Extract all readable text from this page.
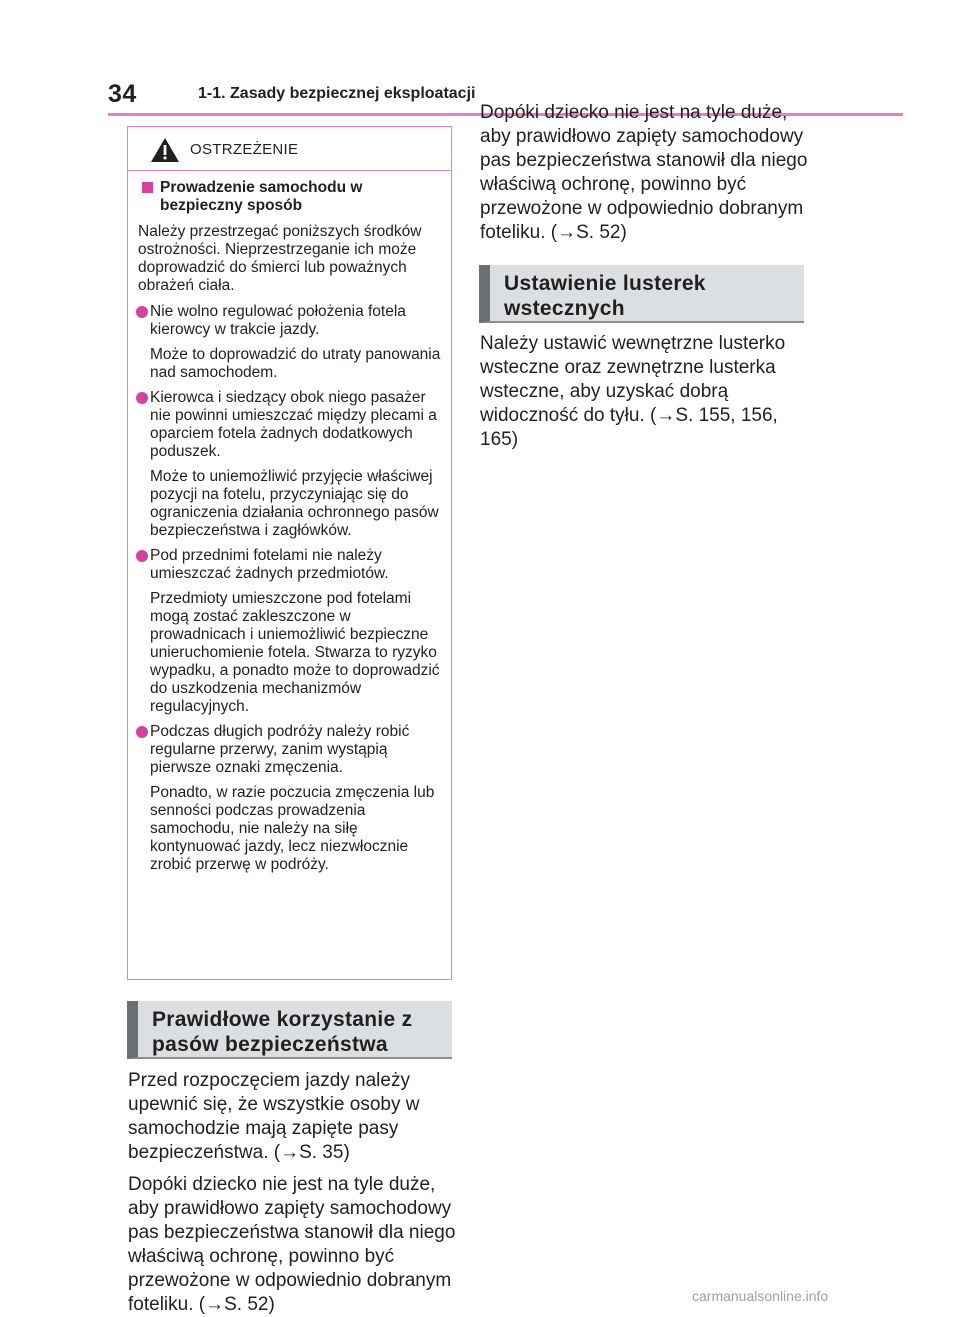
34	1-1. Zasady bezpiecznej eksploatacji
OSTRZEŻENIE
Prowadzenie samochodu w bezpieczny sposób
Należy przestrzegać poniższych środków ostrożności. Nieprzestrzeganie ich może doprowadzić do śmierci lub poważnych obrażeń ciała.
Nie wolno regulować położenia fotela kierowcy w trakcie jazdy.
Może to doprowadzić do utraty panowania nad samochodem.
Kierowca i siedzący obok niego pasażer nie powinni umieszczać między plecami a oparciem fotela żadnych dodatkowych poduszek.
Może to uniemożliwić przyjęcie właściwej pozycji na fotelu, przyczyniając się do ograniczenia działania ochronnego pasów bezpieczeństwa i zagłówków.
Pod przednimi fotelami nie należy umieszczać żadnych przedmiotów.
Przedmioty umieszczone pod fotelami mogą zostać zakleszczone w prowadnicach i uniemożliwić bezpieczne unieruchomienie fotela. Stwarza to ryzyko wypadku, a ponadto może to doprowadzić do uszkodzenia mechanizmów regulacyjnych.
Podczas długich podróży należy robić regularne przerwy, zanim wystąpią pierwsze oznaki zmęczenia.
Ponadto, w razie poczucia zmęczenia lub senności podczas prowadzenia samochodu, nie należy na siłę kontynuować jazdy, lecz niezwłocznie zrobić przerwę w podróży.
Prawidłowe korzystanie z pasów bezpieczeństwa

Przed rozpoczęciem jazdy należy upewnić się, że wszystkie osoby w samochodzie mają zapięte pasy bezpieczeństwa. (→S. 35)

Dopóki dziecko nie jest na tyle duże, aby prawidłowo zapięty samochodowy pas bezpieczeństwa stanowił dla niego właściwą ochronę, powinno być przewożone w odpowiednio dobranym foteliku. (→S. 52)

Dopóki dziecko nie jest na tyle duże, aby prawidłowo zapięty samochodowy pas bezpieczeństwa stanowił dla niego właściwą ochronę, powinno być przewożone w odpowiednio dobranym foteliku. (→S. 52)
Ustawienie lusterek wstecznych

Należy ustawić wewnętrzne lusterko wsteczne oraz zewnętrzne lusterka wsteczne, aby uzyskać dobrą widoczność do tyłu. (→S. 155, 156, 165)

carmanualsonline.info
